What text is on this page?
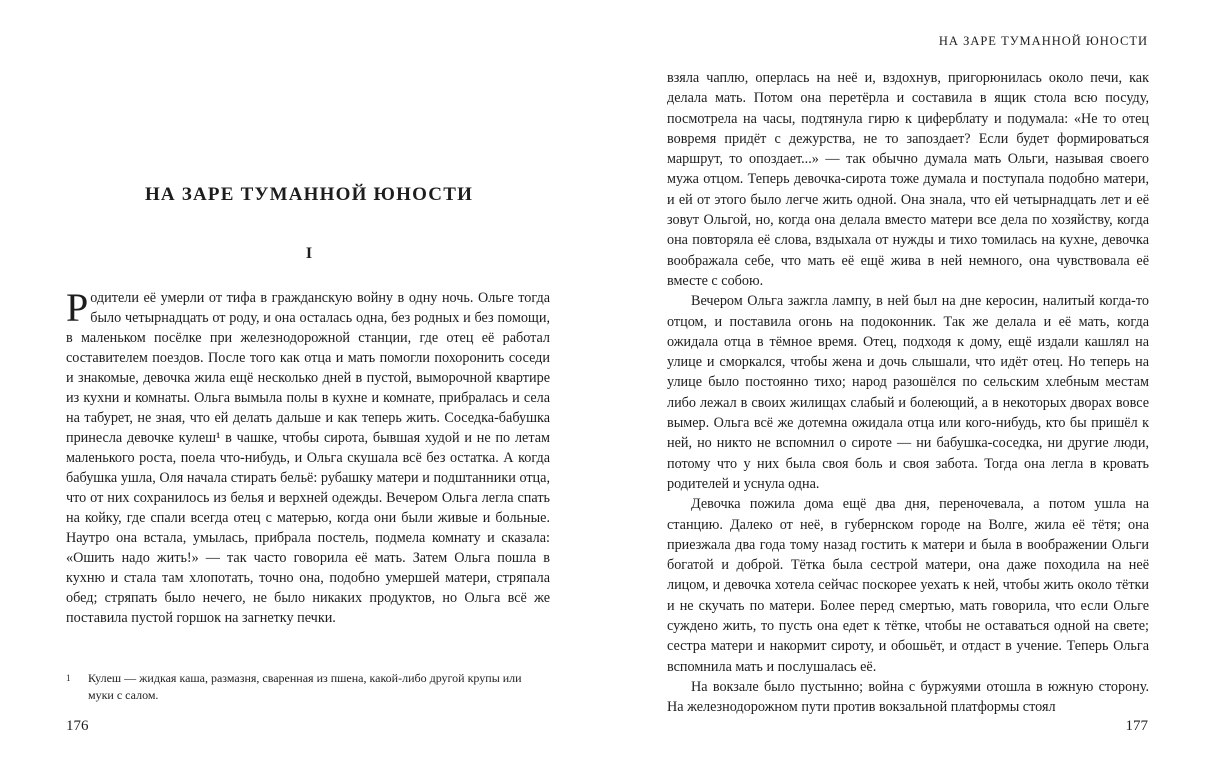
НА ЗАРЕ ТУМАННОЙ ЮНОСТИ
I

Родители её умерли от тифа в гражданскую войну в одну ночь. Ольге тогда было четырнадцать от роду, и она осталась одна, без родных и без помощи, в маленьком посёлке при железнодорожной станции, где отец её работал составителем поездов. После того как отца и мать помогли похоронить соседи и знакомые, девочка жила ещё несколько дней в пустой, выморочной квартире из кухни и комнаты. Ольга вымыла полы в кухне и комнате, прибралась и села на табурет, не зная, что ей делать дальше и как теперь жить. Соседка-бабушка принесла девочке кулеш¹ в чашке, чтобы сирота, бывшая худой и не по летам маленького роста, поела что-нибудь, и Ольга скушала всё без остатка. А когда бабушка ушла, Оля начала стирать бельё: рубашку матери и подштанники отца, что от них сохранилось из белья и верхней одежды. Вечером Ольга легла спать на койку, где спали всегда отец с матерью, когда они были живые и больные. Наутро она встала, умылась, прибрала постель, подмела комнату и сказала: «Ошить надо жить!» — так часто говорила её мать. Затем Ольга пошла в кухню и стала там хлопотать, точно она, подобно умершей матери, стряпала обед; стряпать было нечего, не было никаких продуктов, но Ольга всё же поставила пустой горшок на загнетку печки.

1 Кулеш — жидкая каша, размазня, сваренная из пшена, какой-либо другой крупы или муки с салом.
176
НА ЗАРЕ ТУМАННОЙ ЮНОСТИ

взяла чаплю, оперлась на неё и, вздохнув, пригорюнилась около печи, как делала мать. Потом она перетёрла и составила в ящик стола всю посуду, посмотрела на часы, подтянула гирю к циферблату и подумала: «Не то отец вовремя придёт с дежурства, не то запоздает? Если будет формироваться маршрут, то опоздает...» — так обычно думала мать Ольги, называя своего мужа отцом. Теперь девочка-сирота тоже думала и поступала подобно матери, и ей от этого было легче жить одной. Она знала, что ей четырнадцать лет и её зовут Ольгой, но, когда она делала вместо матери все дела по хозяйству, когда она повторяла её слова, вздыхала от нужды и тихо томилась на кухне, девочка воображала себе, что мать её ещё жива в ней немного, она чувствовала её вместе с собою.

Вечером Ольга зажгла лампу, в ней был на дне керосин, налитый когда-то отцом, и поставила огонь на подоконник. Так же делала и её мать, когда ожидала отца в тёмное время. Отец, подходя к дому, ещё издали кашлял на улице и сморкался, чтобы жена и дочь слышали, что идёт отец. Но теперь на улице было постоянно тихо; народ разошёлся по сельским хлебным местам либо лежал в своих жилищах слабый и болеющий, а в некоторых дворах вовсе вымер. Ольга всё же дотемна ожидала отца или кого-нибудь, кто бы пришёл к ней, но никто не вспомнил о сироте — ни бабушка-соседка, ни другие люди, потому что у них была своя боль и своя забота. Тогда она легла в кровать родителей и уснула одна.

Девочка пожила дома ещё два дня, переночевала, а потом ушла на станцию. Далеко от неё, в губернском городе на Волге, жила её тётя; она приезжала два года тому назад гостить к матери и была в воображении Ольги богатой и доброй. Тётка была сестрой матери, она даже походила на неё лицом, и девочка хотела сейчас поскорее уехать к ней, чтобы жить около тётки и не скучать по матери. Более перед смертью, мать говорила, что если Ольге суждено жить, то пусть она едет к тётке, чтобы не оставаться одной на свете; сестра матери и накормит сироту, и обошьёт, и отдаст в учение. Теперь Ольга вспомнила мать и послушалась её.

На вокзале было пустынно; война с буржуями отошла в южную сторону. На железнодорожном пути против вокзальной платформы стоял

177
